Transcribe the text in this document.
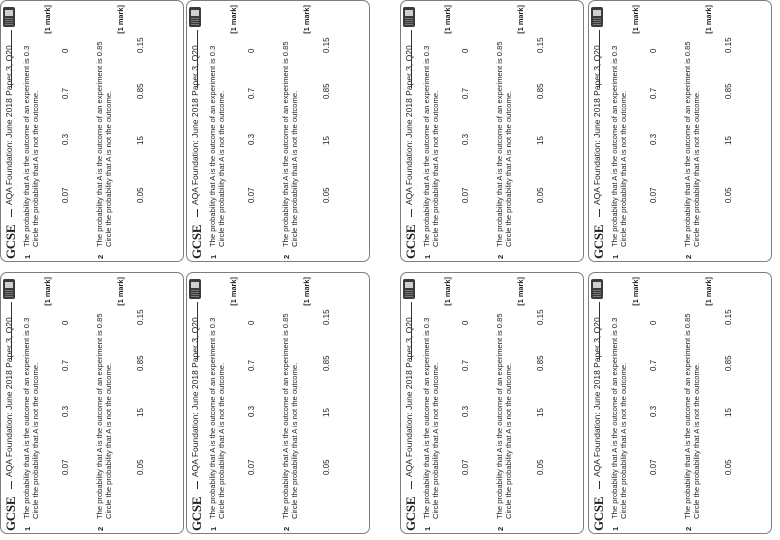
GCSE
AQA Foundation: June 2018 Paper 3, Q20
1
The probability that A is the outcome of an experiment is 0.3 Circle the probability that A is not the outcome.
[1 mark]
0.07
0.3
0.7
0
2
The probability that A is the outcome of an experiment is 0.85 Circle the probability that A is not the outcome.
[1 mark]
0.05
15
0.85
0.15
GCSE
AQA Foundation: June 2018 Paper 3, Q20
1
The probability that A is the outcome of an experiment is 0.3 Circle the probability that A is not the outcome.
[1 mark]
0.07
0.3
0.7
0
2
The probability that A is the outcome of an experiment is 0.85 Circle the probability that A is not the outcome.
[1 mark]
0.05
15
0.85
0.15
GCSE
AQA Foundation: June 2018 Paper 3, Q20
1
The probability that A is the outcome of an experiment is 0.3 Circle the probability that A is not the outcome.
[1 mark]
0.07
0.3
0.7
0
2
The probability that A is the outcome of an experiment is 0.85 Circle the probability that A is not the outcome.
[1 mark]
0.05
15
0.85
0.15
GCSE
AQA Foundation: June 2018 Paper 3, Q20
1
The probability that A is the outcome of an experiment is 0.3 Circle the probability that A is not the outcome.
[1 mark]
0.07
0.3
0.7
0
2
The probability that A is the outcome of an experiment is 0.85 Circle the probability that A is not the outcome.
[1 mark]
0.05
15
0.85
0.15
GCSE
AQA Foundation: June 2018 Paper 3, Q20
1
The probability that A is the outcome of an experiment is 0.3 Circle the probability that A is not the outcome.
[1 mark]
0.07
0.3
0.7
0
2
The probability that A is the outcome of an experiment is 0.85 Circle the probability that A is not the outcome.
[1 mark]
0.05
15
0.85
0.15
GCSE
AQA Foundation: June 2018 Paper 3, Q20
1
The probability that A is the outcome of an experiment is 0.3 Circle the probability that A is not the outcome.
[1 mark]
0.07
0.3
0.7
0
2
The probability that A is the outcome of an experiment is 0.85 Circle the probability that A is not the outcome.
[1 mark]
0.05
15
0.85
0.15
GCSE
AQA Foundation: June 2018 Paper 3, Q20
1
The probability that A is the outcome of an experiment is 0.3 Circle the probability that A is not the outcome.
[1 mark]
0.07
0.3
0.7
0
2
The probability that A is the outcome of an experiment is 0.85 Circle the probability that A is not the outcome.
[1 mark]
0.05
15
0.85
0.15
GCSE
AQA Foundation: June 2018 Paper 3, Q20
1
The probability that A is the outcome of an experiment is 0.3 Circle the probability that A is not the outcome.
[1 mark]
0.07
0.3
0.7
0
2
The probability that A is the outcome of an experiment is 0.85 Circle the probability that A is not the outcome.
[1 mark]
0.05
15
0.85
0.15
